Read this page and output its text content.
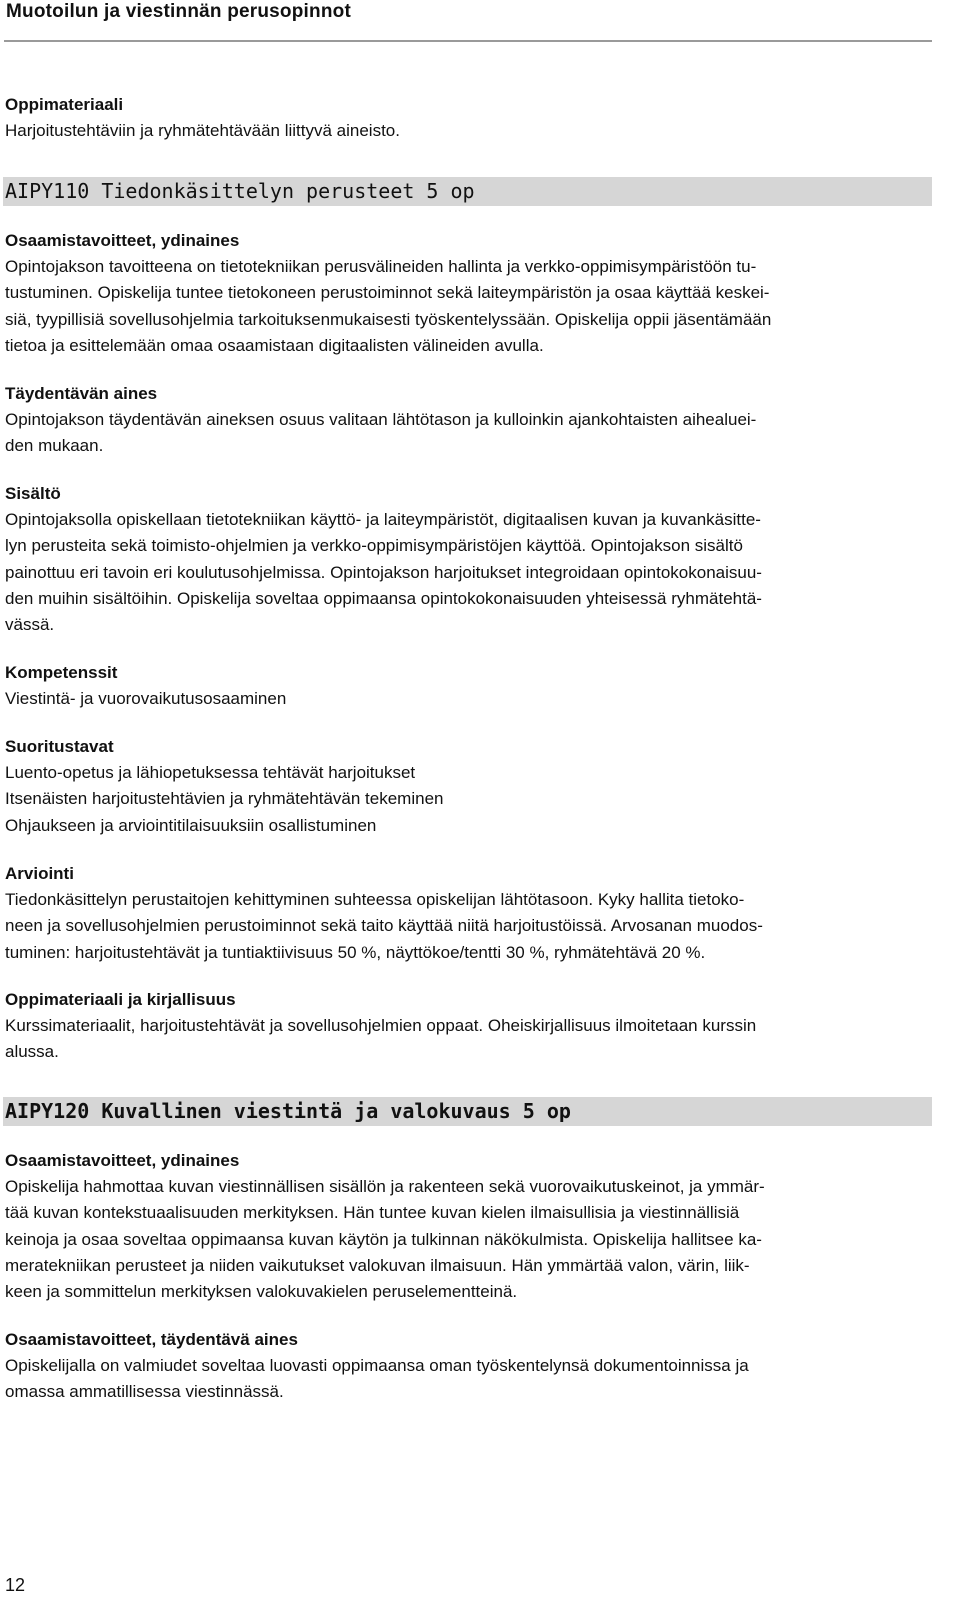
Muotoilun ja viestinnän perusopinnot
Oppimateriaali
Harjoitustehtäviin ja ryhmätehtävään liittyvä aineisto.
AIPY110 Tiedonkäsittelyn perusteet 5 op
Osaamistavoitteet, ydinaines
Opintojakson tavoitteena on tietotekniikan perusvälineiden hallinta ja verkko-oppimisympäristöön tu-
tustuminen. Opiskelija tuntee tietokoneen perustoiminnot sekä laiteympäristön ja osaa käyttää keskei-
siä, tyypillisiä sovellusohjelmia tarkoituksenmukaisesti työskentelyssään. Opiskelija oppii jäsentämään
tietoa ja esittelemään omaa osaamistaan digitaalisten välineiden avulla.
Täydentävän aines
Opintojakson täydentävän aineksen osuus valitaan lähtötason ja kulloinkin ajankohtaisten aihealuei-
den mukaan.
Sisältö
Opintojaksolla opiskellaan tietotekniikan käyttö- ja laiteympäristöt, digitaalisen kuvan ja kuvankäsitte-
lyn perusteita sekä toimisto-ohjelmien ja verkko-oppimisympäristöjen käyttöä. Opintojakson sisältö
painottuu eri tavoin eri koulutusohjelmissa. Opintojakson harjoitukset integroidaan opintokokonaisuu-
den muihin sisältöihin. Opiskelija soveltaa oppimaansa opintokokonaisuuden yhteisessä ryhmätehtä-
vässä.
Kompetenssit
Viestintä- ja vuorovaikutusosaaminen
Suoritustavat
Luento-opetus ja lähiopetuksessa tehtävät harjoitukset
Itsenäisten harjoitustehtävien ja ryhmätehtävän tekeminen
Ohjaukseen ja arviointitilaisuuksiin osallistuminen
Arviointi
Tiedonkäsittelyn perustaitojen kehittyminen suhteessa opiskelijan lähtötasoon. Kyky hallita tietoko-
neen ja sovellusohjelmien perustoiminnot sekä taito käyttää niitä harjoitustöissä. Arvosanan muodos-
tuminen: harjoitustehtävät ja tuntiaktiivisuus 50 %, näyttökoe/tentti 30 %, ryhmätehtävä 20 %.
Oppimateriaali ja kirjallisuus
Kurssimateriaalit, harjoitustehtävät ja sovellusohjelmien oppaat. Oheiskirjallisuus ilmoitetaan kurssin
alussa.
AIPY120 Kuvallinen viestintä ja valokuvaus 5 op
Osaamistavoitteet, ydinaines
Opiskelija hahmottaa kuvan viestinnällisen sisällön ja rakenteen sekä vuorovaikutuskeinot, ja ymmär-
tää kuvan kontekstuaalisuuden merkityksen. Hän tuntee kuvan kielen ilmaisullisia ja viestinnällisiä
keinoja ja osaa soveltaa oppimaansa kuvan käytön ja tulkinnan näkökulmista. Opiskelija hallitsee ka-
meratekniikan perusteet ja niiden vaikutukset valokuvan ilmaisuun. Hän ymmärtää valon, värin, liik-
keen ja sommittelun merkityksen valokuvakielen peruselementteinä.
Osaamistavoitteet, täydentävä aines
Opiskelijalla on valmiudet soveltaa luovasti oppimaansa oman työskentelynsä dokumentoinnissa ja
omassa ammatillisessa viestinnässä.
12
